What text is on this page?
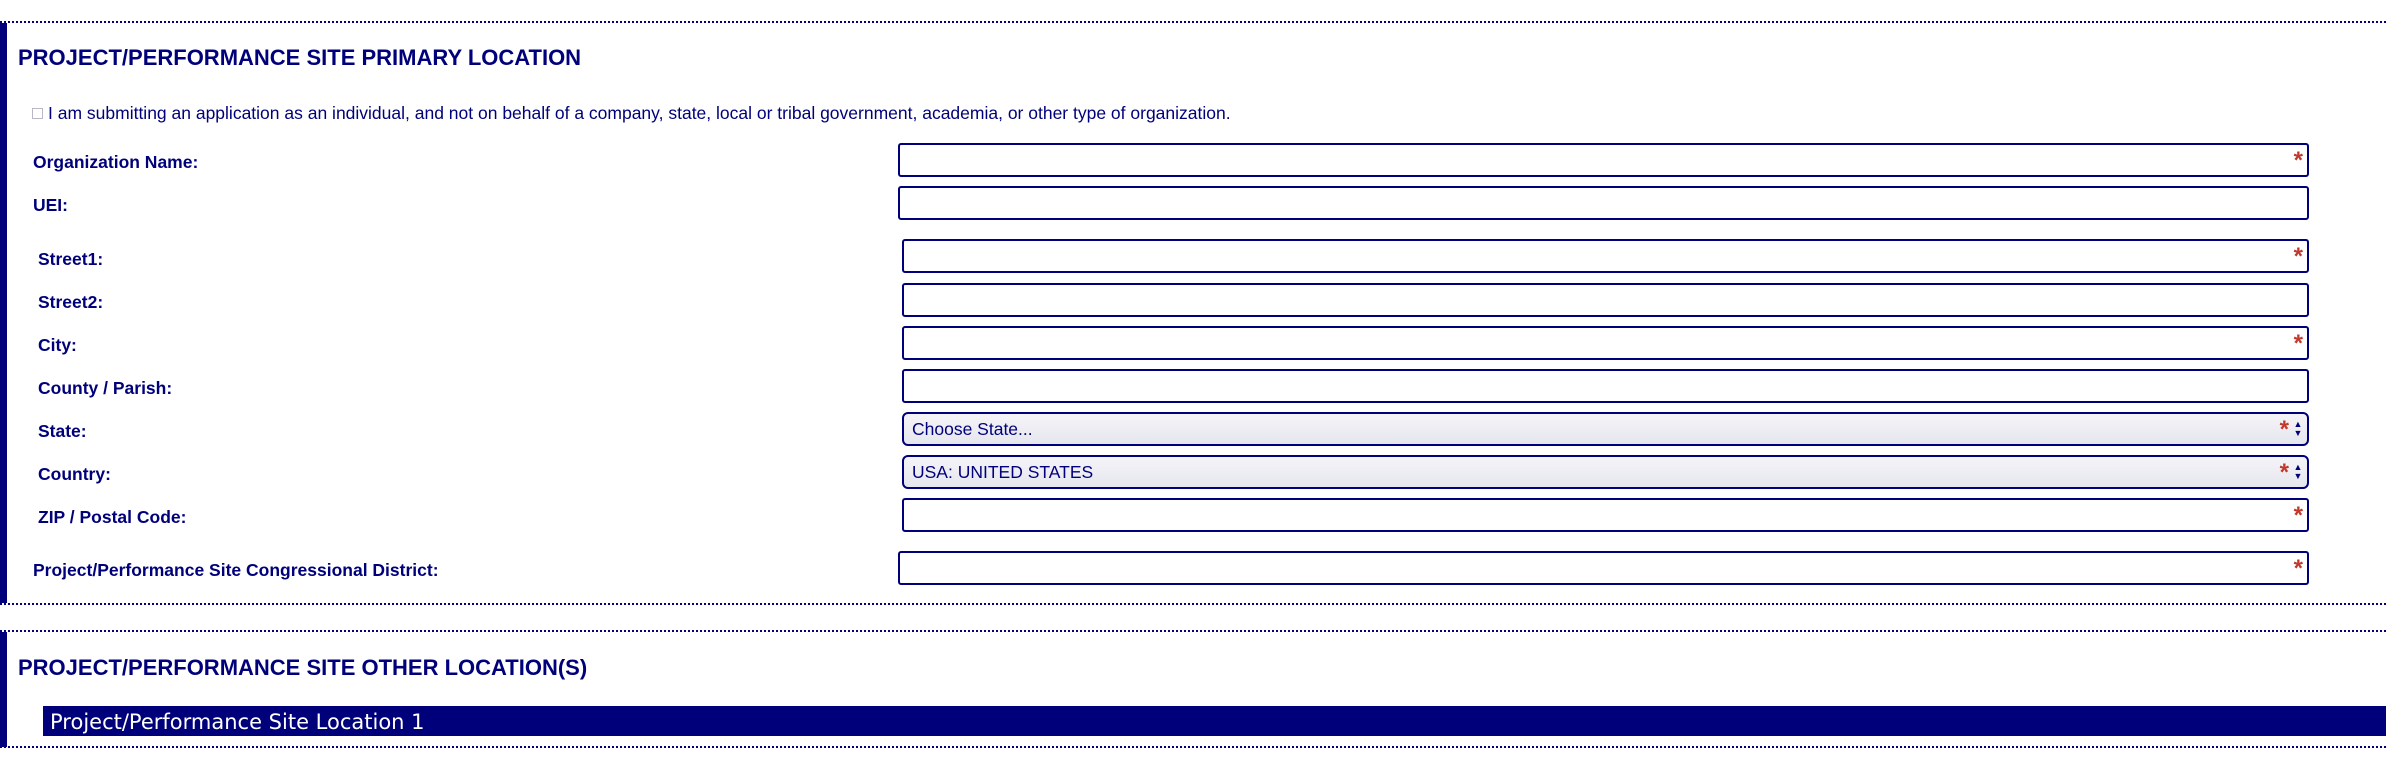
PROJECT/PERFORMANCE SITE PRIMARY LOCATION
I am submitting an application as an individual, and not on behalf of a company, state, local or tribal government, academia, or other type of organization.
Organization Name:	*
UEI:
Street1:	*
Street2:
City:	*
County / Parish:
State:	Choose State...	* ▲
▼
Country:	USA: UNITED STATES	* ▲
▼
ZIP / Postal Code:	*
Project/Performance Site Congressional District:	*
PROJECT/PERFORMANCE SITE OTHER LOCATION(S)
Project/Performance Site Location 1
